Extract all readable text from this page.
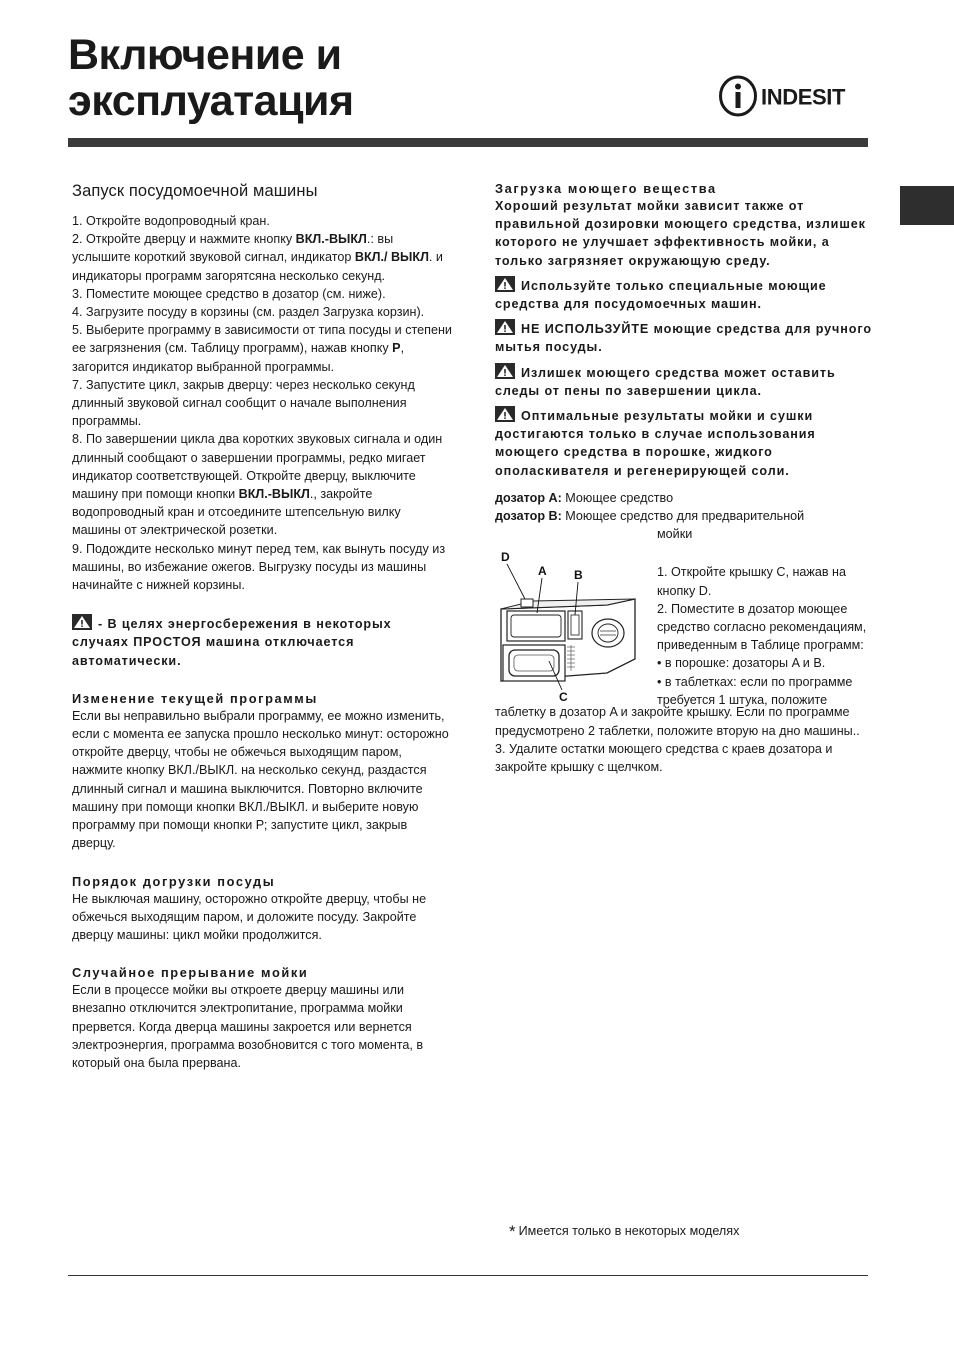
Включение и
эксплуатация	INDESIT
Запуск посудомоечной машины

1. Откройте водопроводный кран.

2. Откройте дверцу и нажмите кнопку ВКЛ.-ВЫКЛ.: вы услышите короткий звуковой сигнал, индикатор ВКЛ./ ВЫКЛ. и индикаторы программ загорятсяна несколько секунд.

3. Поместите моющее средство в дозатор (см. ниже).

4. Загрузите посуду в корзины (см. раздел Загрузка корзин).

5. Выберите программу в зависимости от типа посуды и степени ее загрязнения (см. Таблицу программ), нажав кнопку Р, загорится индикатор выбранной программы.

7. Запустите цикл, закрыв дверцу: через несколько секунд длинный звуковой сигнал сообщит о начале выполнения программы.

8. По завершении цикла два коротких звуковых сигнала и один длинный сообщают о завершении программы, редко мигает индикатор соответствующей. Откройте дверцу, выключите машину при помощи кнопки ВКЛ.-ВЫКЛ., закройте водопроводный кран и отсоедините штепсельную вилку машины от электрической розетки.

9. Подождите несколько минут перед тем, как вынуть посуду из машины, во избежание ожегов. Выгрузку посуды из машины начинайте с нижней корзины.

- В целях энергосбережения в некоторых случаях ПРОСТОЯ машина отключается автоматически.

Изменение текущей программы

Если вы неправильно выбрали программу, ее можно изменить, если с момента ее запуска прошло несколько минут: осторожно откройте дверцу, чтобы не обжечься выходящим паром, нажмите кнопку ВКЛ./ВЫКЛ. на несколько секунд, раздастся длинный сигнал и машина выключится. Повторно включите машину при помощи кнопки ВКЛ./ВЫКЛ. и выберите новую программу при помощи кнопки Р; запустите цикл, закрыв дверцу.

Порядок догрузки посуды

Не выключая машину, осторожно откройте дверцу, чтобы не обжечься выходящим паром, и доложите посуду. Закройте дверцу машины: цикл мойки продолжится.

Случайное прерывание мойки

Если в процессе мойки вы откроете дверцу машины или внезапно отключится электропитание, программа мойки прервется. Когда дверца машины закроется или вернется электроэнергия, программа возобновится с того момента, в который она была прервана.

Загрузка моющего вещества

Хороший результат мойки зависит также от правильной дозировки моющего средства, излишек которого не улучшает эффективность мойки, а только загрязняет окружающую среду.

Используйте только специальные моющие средства для посудомоечных машин.

НЕ ИСПОЛЬЗУЙТЕ моющие средства для ручного мытья посуды.

Излишек моющего средства может оставить следы от пены по завершении цикла.

Оптимальные результаты мойки и сушки достигаются только в случае использования моющего средства в порошке, жидкого ополаскивателя и регенерирующей соли.

дозатор A: Моющее средство

дозатор B: Моющее средство для предварительной

мойки

D
A B
C

1. Откройте крышку C, нажав на кнопку D.

2. Поместите в дозатор моющее средство согласно рекомендациям, приведенным в Таблице программ:

• в порошке: дозаторы A и B.

• в таблетках: если по программе требуется 1 штука, положите

таблетку в дозатор A и закройте крышку. Если по программе предусмотрено 2 таблетки, положите вторую на дно машины..

3. Удалите остатки моющего средства с краев дозатора и закройте крышку с щелчком.

* Имеется только в некоторых моделях
